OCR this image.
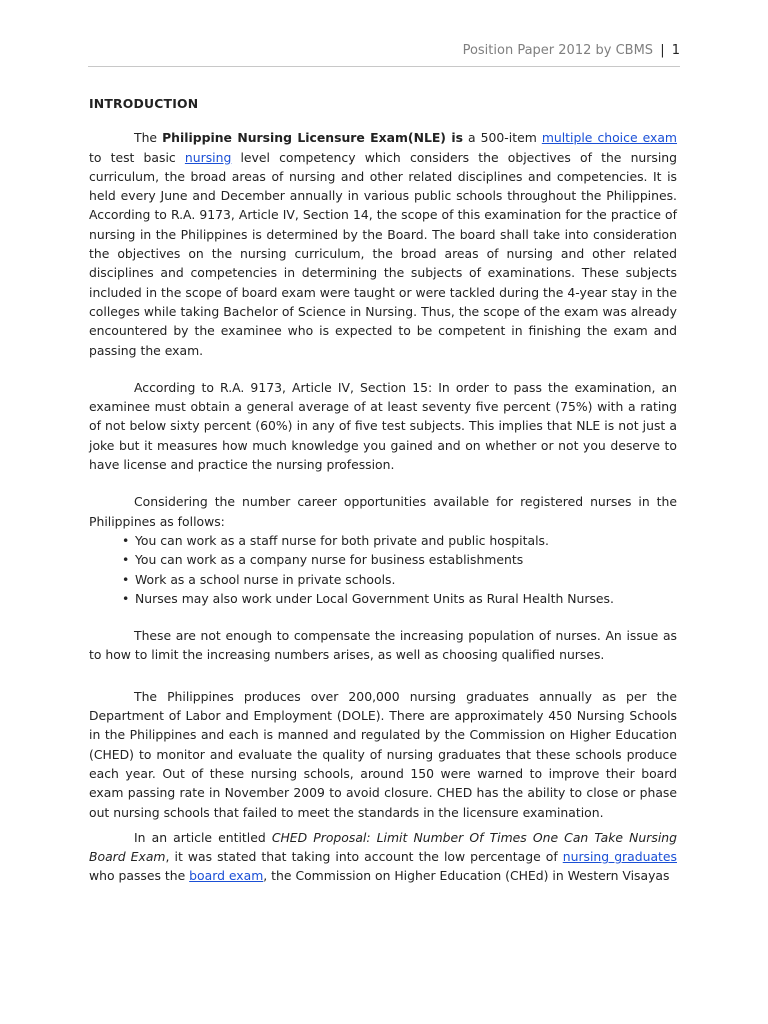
Position Paper 2012 by CBMS | 1
INTRODUCTION

The Philippine Nursing Licensure Exam(NLE) is a 500-item multiple choice exam to test basic nursing level competency which considers the objectives of the nursing curriculum, the broad areas of nursing and other related disciplines and competencies. It is held every June and December annually in various public schools throughout the Philippines. According to R.A. 9173, Article IV, Section 14, the scope of this examination for the practice of nursing in the Philippines is determined by the Board. The board shall take into consideration the objectives on the nursing curriculum, the broad areas of nursing and other related disciplines and competencies in determining the subjects of examinations. These subjects included in the scope of board exam were taught or were tackled during the 4-year stay in the colleges while taking Bachelor of Science in Nursing. Thus, the scope of the exam was already encountered by the examinee who is expected to be competent in finishing the exam and passing the exam.

According to R.A. 9173, Article IV, Section 15: In order to pass the examination, an examinee must obtain a general average of at least seventy five percent (75%) with a rating of not below sixty percent (60%) in any of five test subjects. This implies that NLE is not just a joke but it measures how much knowledge you gained and on whether or not you deserve to have license and practice the nursing profession.

Considering the number career opportunities available for registered nurses in the Philippines as follows:

• You can work as a staff nurse for both private and public hospitals.
• You can work as a company nurse for business establishments
• Work as a school nurse in private schools.
• Nurses may also work under Local Government Units as Rural Health Nurses.

These are not enough to compensate the increasing population of nurses. An issue as to how to limit the increasing numbers arises, as well as choosing qualified nurses.

The Philippines produces over 200,000 nursing graduates annually as per the Department of Labor and Employment (DOLE). There are approximately 450 Nursing Schools in the Philippines and each is manned and regulated by the Commission on Higher Education (CHED) to monitor and evaluate the quality of nursing graduates that these schools produce each year. Out of these nursing schools, around 150 were warned to improve their board exam passing rate in November 2009 to avoid closure. CHED has the ability to close or phase out nursing schools that failed to meet the standards in the licensure examination.

In an article entitled CHED Proposal: Limit Number Of Times One Can Take Nursing Board Exam, it was stated that taking into account the low percentage of nursing graduates who passes the board exam, the Commission on Higher Education (CHEd) in Western Visayas
